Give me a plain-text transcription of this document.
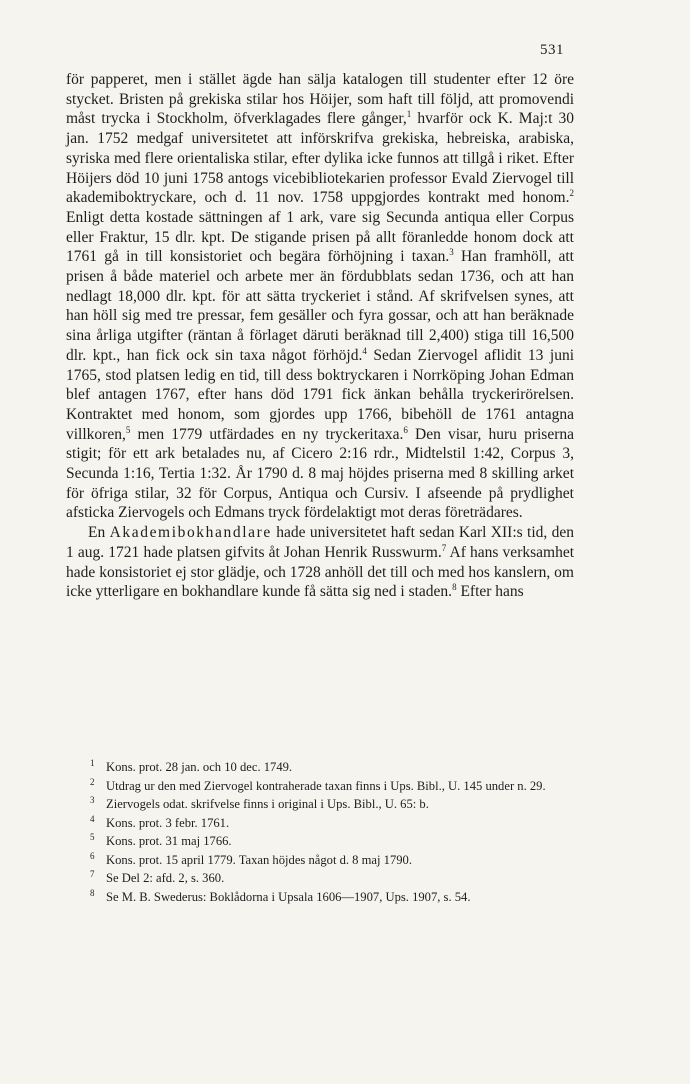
531

för papperet, men i stället ägde han sälja katalogen till studenter efter 12 öre stycket. Bristen på grekiska stilar hos Höijer, som haft till följd, att promovendi måst trycka i Stockholm, öfverklagades flere gånger,$^1$ hvarför ock K. Maj:t 30 jan. 1752 medgaf universitetet att införskrifva grekiska, hebreiska, arabiska, syriska med flere orientaliska stilar, efter dylika icke funnos att tillgå i riket. Efter Höijers död 10 juni 1758 antogs vicebibliotekarien professor Evald Ziervogel till akademiboktryckare, och d. 11 nov. 1758 uppgjordes kontrakt med honom.$^2$ Enligt detta kostade sättningen af 1 ark, vare sig Secunda antiqua eller Corpus eller Fraktur, 15 dlr. kpt. De stigande prisen på allt föranledde honom dock att 1761 gå in till konsistoriet och begära förhöjning i taxan.$^3$ Han framhöll, att prisen å både materiel och arbete mer än fördubblats sedan 1736, och att han nedlagt 18,000 dlr. kpt. för att sätta tryckeriet i stånd. Af skrifvelsen synes, att han höll sig med tre pressar, fem gesäller och fyra gossar, och att han beräknade sina årliga utgifter (räntan å förlaget däruti beräknad till 2,400) stiga till 16,500 dlr. kpt., han fick ock sin taxa något förhöjd.$^4$ Sedan Ziervogel aflidit 13 juni 1765, stod platsen ledig en tid, till dess boktryckaren i Norrköping Johan Edman blef antagen 1767, efter hans död 1791 fick änkan behålla tryckerirörelsen. Kontraktet med honom, som gjordes upp 1766, bibehöll de 1761 antagna villkoren,$^5$ men 1779 utfärdades en ny tryckeritaxa.$^6$ Den visar, huru priserna stigit; för ett ark betalades nu, af Cicero 2:16 rdr., Midtelstil 1:42, Corpus 3, Secunda 1:16, Tertia 1:32. År 1790 d. 8 maj höjdes priserna med 8 skilling arket för öfriga stilar, 32 för Corpus, Antiqua och Cursiv. I afseende på prydlighet afsticka Ziervogels och Edmans tryck fördelaktigt mot deras företrädares.

En Akademibokhandlare hade universitetet haft sedan Karl XII:s tid, den 1 aug. 1721 hade platsen gifvits åt Johan Henrik Russwurm.$^7$ Af hans verksamhet hade konsistoriet ej stor glädje, och 1728 anhöll det till och med hos kanslern, om icke ytterligare en bokhandlare kunde få sätta sig ned i staden.$^8$ Efter hans

1 Kons. prot. 28 jan. och 10 dec. 1749.

2 Utdrag ur den med Ziervogel kontraherade taxan finns i Ups. Bibl., U. 145 under n. 29.

3 Ziervogels odat. skrifvelse finns i original i Ups. Bibl., U. 65: b.

4 Kons. prot. 3 febr. 1761.

5 Kons. prot. 31 maj 1766.

6 Kons. prot. 15 april 1779. Taxan höjdes något d. 8 maj 1790.

7 Se Del 2: afd. 2, s. 360.

8 Se M. B. Swederus: Boklådorna i Upsala 1606—1907, Ups. 1907, s. 54.
